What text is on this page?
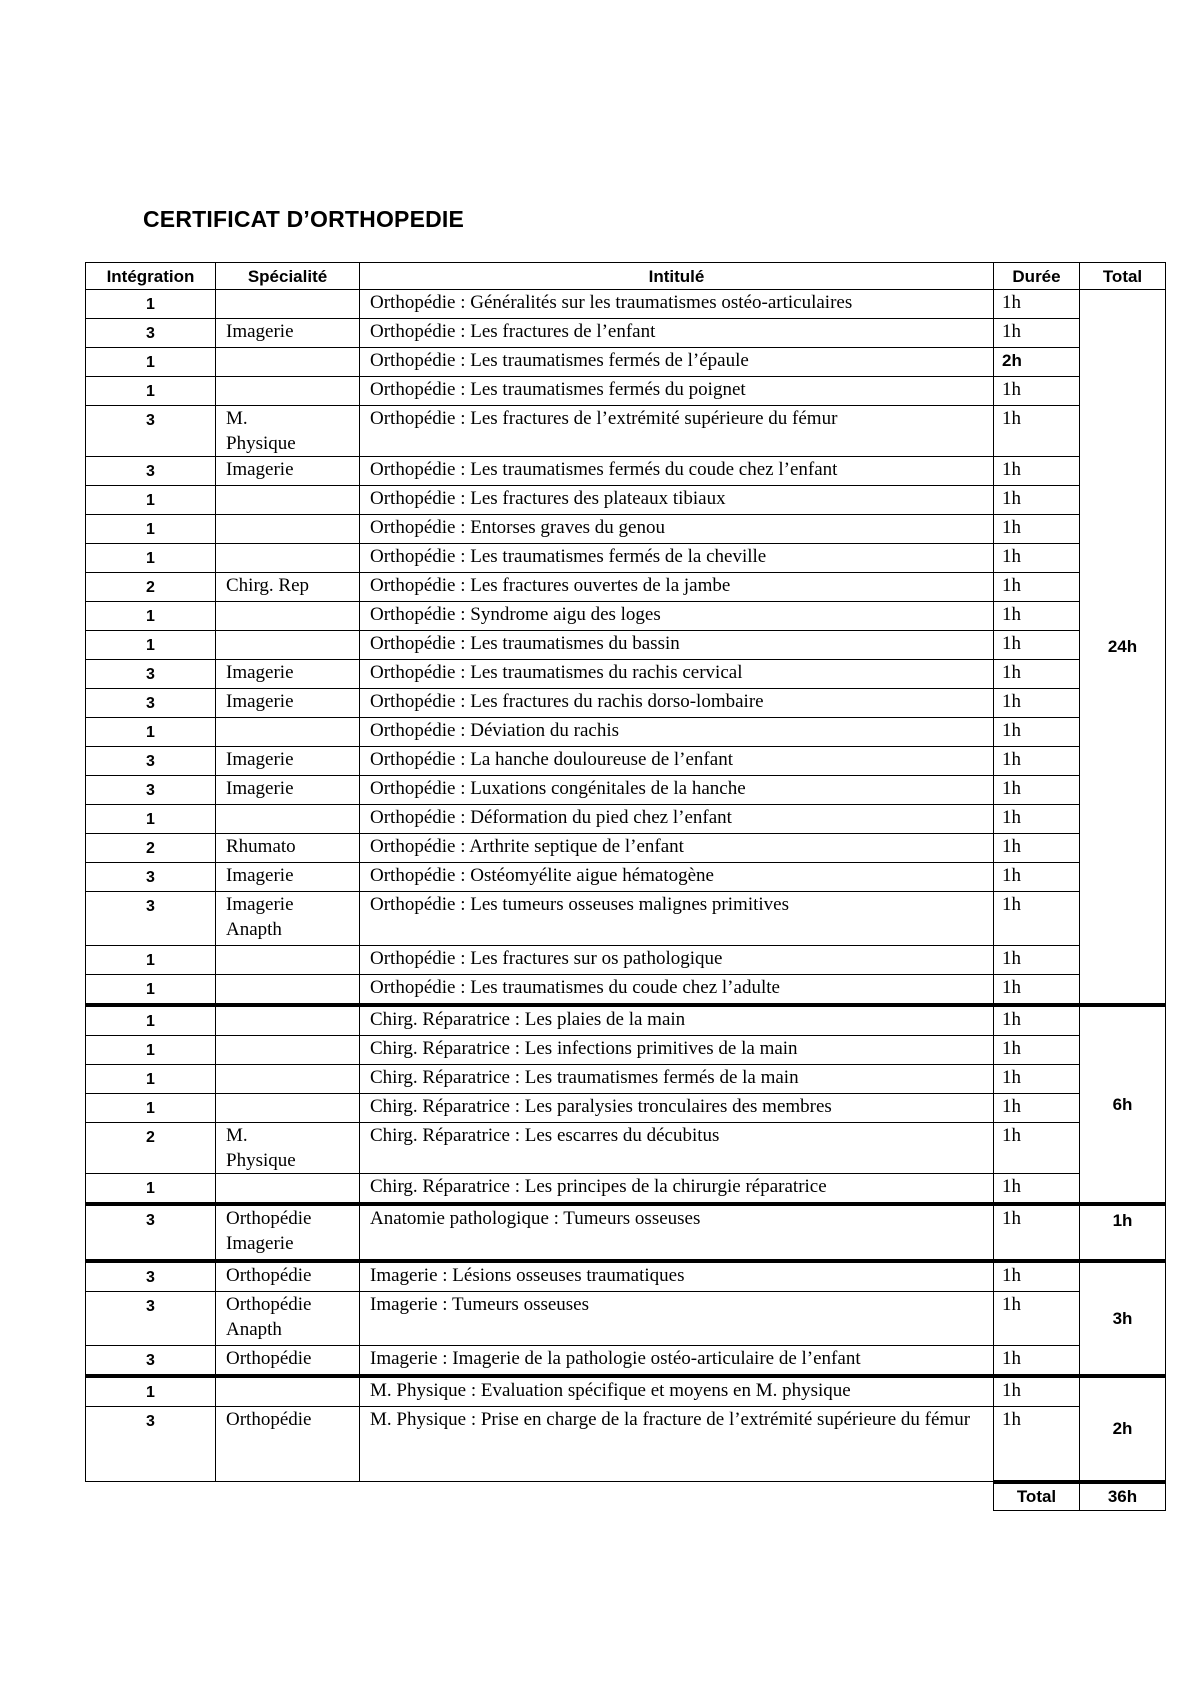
CERTIFICAT D’ORTHOPEDIE
Intégration	Spécialité	Intitulé	Durée	Total
1		Orthopédie : Généralités sur les traumatismes ostéo-articulaires	1h	24h
3	Imagerie	Orthopédie : Les fractures de l’enfant	1h	
1		Orthopédie : Les traumatismes fermés de l’épaule	2h	
1		Orthopédie : Les traumatismes fermés du poignet	1h	
3	M. Physique	Orthopédie : Les fractures de l’extrémité supérieure du fémur	1h	
3	Imagerie	Orthopédie : Les traumatismes fermés du coude chez l’enfant	1h	
1		Orthopédie : Les fractures des plateaux tibiaux	1h	
1		Orthopédie : Entorses graves du genou	1h	
1		Orthopédie : Les traumatismes fermés de la cheville	1h	
2	Chirg. Rep	Orthopédie : Les fractures ouvertes de la jambe	1h	
1		Orthopédie : Syndrome aigu des loges	1h	
1		Orthopédie : Les traumatismes du bassin	1h	
3	Imagerie	Orthopédie : Les traumatismes du rachis cervical	1h	
3	Imagerie	Orthopédie : Les fractures du rachis dorso-lombaire	1h	
1		Orthopédie : Déviation du rachis	1h	
3	Imagerie	Orthopédie : La hanche douloureuse de l’enfant	1h	
3	Imagerie	Orthopédie : Luxations congénitales de la hanche	1h	
1		Orthopédie : Déformation du pied chez l’enfant	1h	
2	Rhumato	Orthopédie : Arthrite septique de l’enfant	1h	
3	Imagerie	Orthopédie : Ostéomyélite aigue hématogène	1h	
3	Imagerie Anapth	Orthopédie : Les tumeurs osseuses malignes primitives	1h	
1		Orthopédie : Les fractures sur os pathologique	1h	
1		Orthopédie : Les traumatismes du coude chez l’adulte	1h	
1		Chirg. Réparatrice : Les plaies de la main	1h	6h
1		Chirg. Réparatrice : Les infections primitives de la main	1h	
1		Chirg. Réparatrice : Les traumatismes fermés de la main	1h	
1		Chirg. Réparatrice : Les paralysies tronculaires des membres	1h	
2	M. Physique	Chirg. Réparatrice : Les escarres du décubitus	1h	
1		Chirg. Réparatrice : Les principes de la chirurgie réparatrice	1h	
3	Orthopédie Imagerie	Anatomie pathologique : Tumeurs osseuses	1h	1h
3	Orthopédie	Imagerie : Lésions osseuses traumatiques	1h	3h
3	Orthopédie Anapth	Imagerie : Tumeurs osseuses	1h	
3	Orthopédie	Imagerie : Imagerie de la pathologie ostéo-articulaire de l’enfant	1h	
1		M. Physique : Evaluation spécifique et moyens en M. physique	1h	2h
3	Orthopédie	M. Physique : Prise en charge de la fracture de l’extrémité supérieure du fémur	1h	
			Total	36h
